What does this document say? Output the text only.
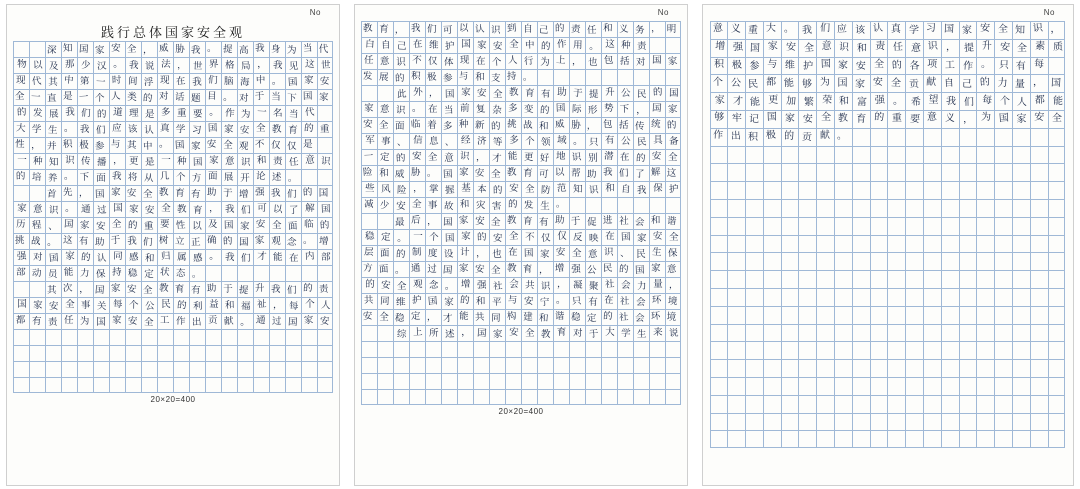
No
践行总体国家安全观
深 知 国 家 安 全 ， 威 胁 我 。 提 高 我 身 为 当 代
物 以 及 那 少 汉 。 我 说 法 ， 世 界 格 局 ， 我 见 这 世
现 代 其 中 第 一 时 间 浮 现 在 我 们 脑 海 中 。 国 家 安
全 一 直 是 一 个 人 类 的 对 话 题 目 。 对 于 当 下 国 家
的 发 展 我 们 的 道 理 是 多 重 要 。 作 为 一 名 当 代
大 学 生 。 我 们 应 该 认 真 学 习 国 家 安 全 教 育 的 重
性 ， 并 积 极 参 与 其 中 。 国 家 安 全 观 不 仅 仅 是
一 种 知 识 传 播 ， 更 是 一 种 国 家 意 识 和 责 任 意 识
的 培 养 。 下 面 我 将 从 几 个 方 面 展 开 论 述 。
首 先 ， 国 家 安 全 教 育 有 助 于 增 强 我 们 的 国
家 意 识 。 通 过 国 家 安 全 教 育 ， 我 们 可 以 了 解 国
历 程 、 国 家 安 全 的 重 要 性 以 及 国 家 安 全 面 临 的
挑 战 。 这 有 助 于 我 们 树 立 正 确 的 国 家 观 念 。 增
强 对 国 家 的 认 同 感 和 归 属 感 。 我 们 才 能 在 内 部
部 动 员 能 力 保 持 稳 定 状 态 。
其 次 ， 国 家 安 全 教 育 有 助 于 提 升 我 们 的 责
国 家 安 全 事 关 每 个 公 民 的 利 益 和 福 祉 ， 每 个 人
都 有 责 任 为 国 家 安 全 工 作 出 贡 献 。 通 过 国 家 安
20×20=400
No
教 育 ， 我 们 可 以 认 识 到 自 己 的 责 任 和 义 务 ， 明
白 自 己 在 维 护 国 家 安 全 中 的 作 用 。 这 种 责
任 意 识 不 仅 体 现 在 个 人 行 为 上 ， 也 包 括 对 国 家
发 展 的 积 极 参 与 和 支 持 。
此 外 ， 国 家 安 全 教 育 有 助 于 提 升 公 民 的 国
家 意 识 。 在 当 前 复 杂 多 变 的 国 际 形 势 下 ， 国 家
安 全 面 临 着 多 种 新 的 挑 战 和 威 胁 ， 包 括 传 统 的
军 事 、 信 息 、 经 济 等 多 个 领 域 。 只 有 公 民 具 备
一 定 的 安 全 意 识 ， 才 能 更 好 地 识 别 潜 在 的 安 全
险 和 威 胁 。 国 家 安 全 教 育 可 以 帮 助 我 们 了 解 这
些 风 险 ， 掌 握 基 本 的 安 全 防 范 知 识 和 自 我 保 护
减 少 安 全 事 故 和 灾 害 的 发 生 。
最 后 ， 国 家 安 全 教 育 有 助 于 促 进 社 会 和 谐
稳 定 。 一 个 国 家 的 安 全 不 仅 仅 反 映 在 国 家 安 全
层 面 的 制 度 设 计 ， 也 在 国 家 安 全 意 识 、 民 生 保
方 面 。 通 过 国 家 安 全 教 育 ， 增 强 公 民 的 国 家 意
的 安 全 观 念 。 增 强 社 会 共 识 ， 凝 聚 社 会 力 量 ，
共 同 维 护 国 家 的 和 平 与 安 宁 。 只 有 在 社 会 环 境
安 全 稳 定 ， 才 能 共 同 构 建 和 谐 稳 定 的 社 会 环 境
综 上 所 述 ， 国 家 安 全 教 育 对 于 大 学 生 来 说
20×20=400
No
意 义 重 大 。 我 们 应 该 认 真 学 习 国 家 安 全 知 识 ，
增 强 国 家 安 全 意 识 和 责 任 意 识 ， 提 升 安 全 素 质
积 极 参 与 维 护 国 家 安 全 的 各 项 工 作 。 只 有 每
个 公 民 都 能 够 为 国 家 安 全 贡 献 自 己 的 力 量 ， 国
家 才 能 更 加 繁 荣 和 富 强 。 希 望 我 们 每 个 人 都 能
够 牢 记 国 家 安 全 教 育 的 重 要 意 义 ， 为 国 家 安 全
作 出 积 极 的 贡 献 。
